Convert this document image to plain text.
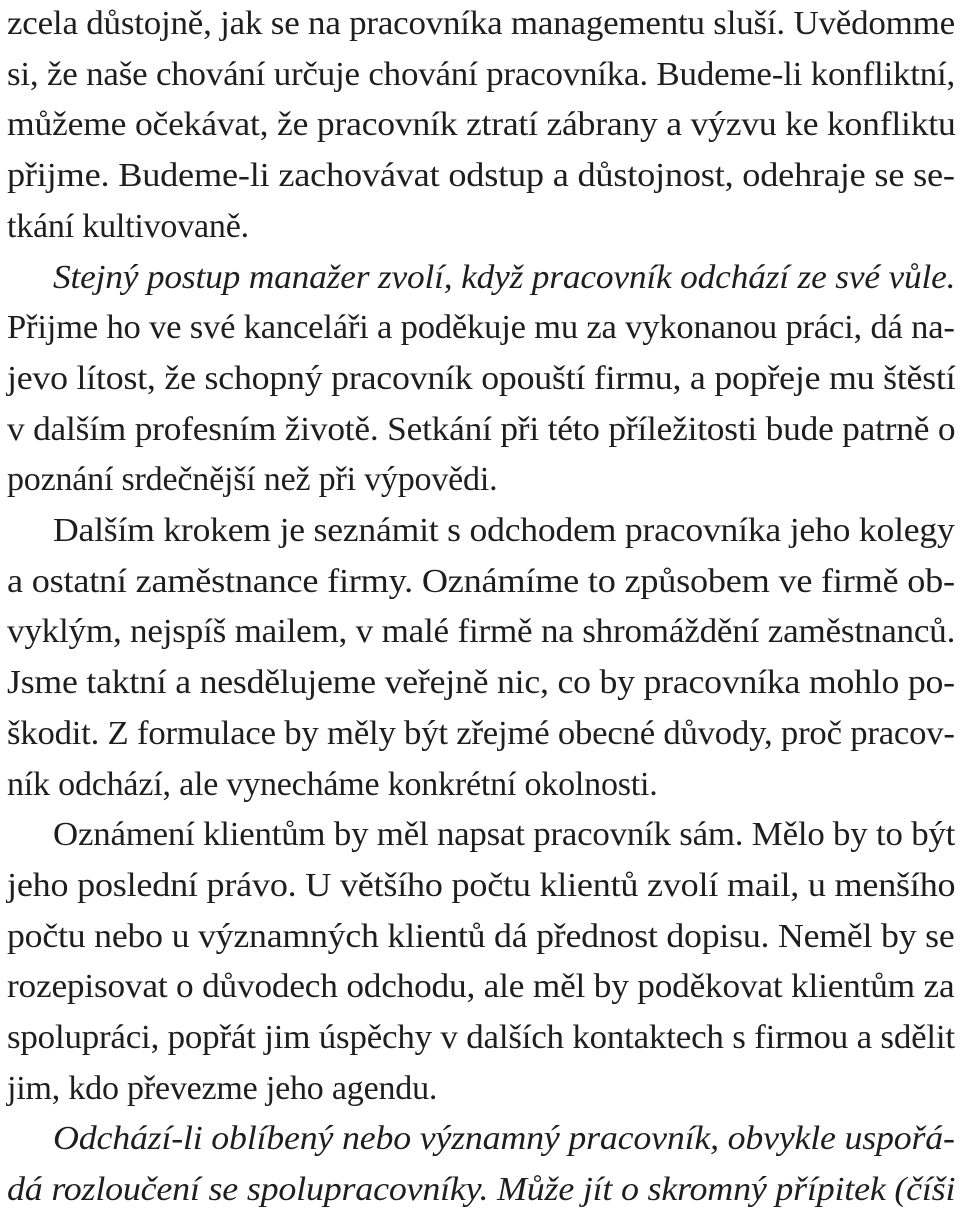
zcela důstojně, jak se na pracovníka managementu sluší. Uvědomme
si, že naše chování určuje chování pracovníka. Budeme-li konfliktní,
můžeme očekávat, že pracovník ztratí zábrany a výzvu ke konfliktu
přijme. Budeme-li zachovávat odstup a důstojnost, odehraje se se-
tkání kultivovaně.
Stejný postup manažer zvolí, když pracovník odchází ze své vůle.
Přijme ho ve své kanceláři a poděkuje mu za vykonanou práci, dá na-
jevo lítost, že schopný pracovník opouští firmu, a popřeje mu štěstí
v dalším profesním životě. Setkání při této příležitosti bude patrně o
poznání srdečnější než při výpovědi.
Dalším krokem je seznámit s odchodem pracovníka jeho kolegy
a ostatní zaměstnance firmy. Oznámíme to způsobem ve firmě ob-
vyklým, nejspíš mailem, v malé firmě na shromáždění zaměstnanců.
Jsme taktní a nesdělujeme veřejně nic, co by pracovníka mohlo po-
škodit. Z formulace by měly být zřejmé obecné důvody, proč pracov-
ník odchází, ale vynecháme konkrétní okolnosti.
Oznámení klientům by měl napsat pracovník sám. Mělo by to být
jeho poslední právo. U většího počtu klientů zvolí mail, u menšího
počtu nebo u významných klientů dá přednost dopisu. Neměl by se
rozepisovat o důvodech odchodu, ale měl by poděkovat klientům za
spolupráci, popřát jim úspěchy v dalších kontaktech s firmou a sdělit
jim, kdo převezme jeho agendu.
Odchází-li oblíbený nebo významný pracovník, obvykle uspořá-
dá rozloučení se spolupracovníky. Může jít o skromný přípitek (číši
